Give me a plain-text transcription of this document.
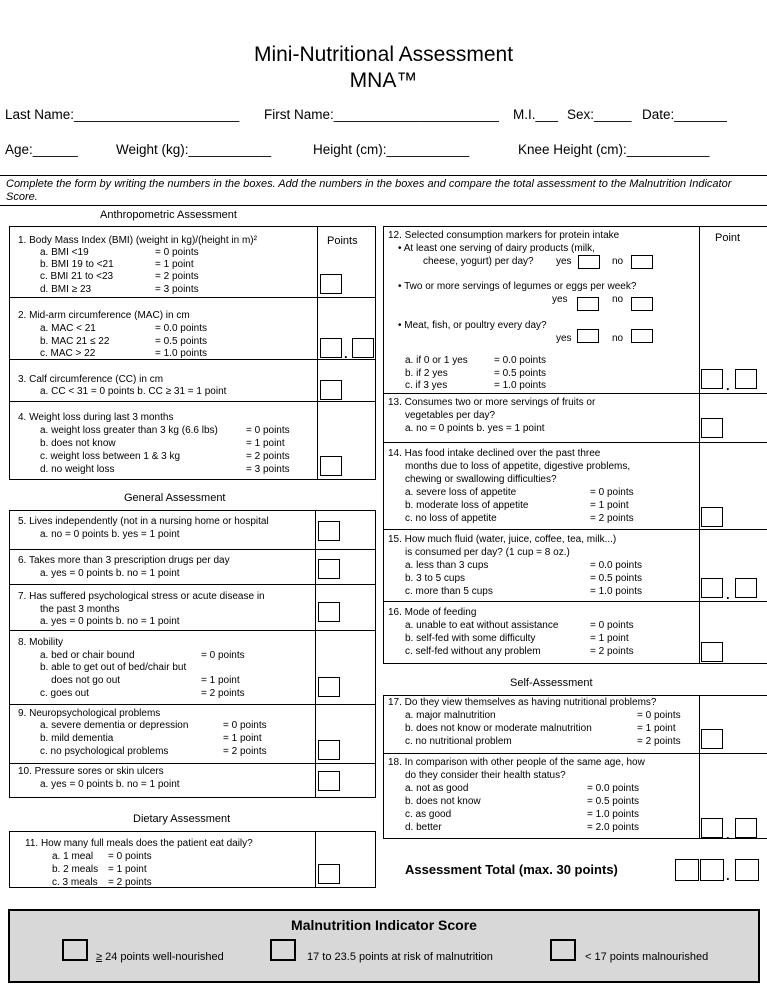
Mini-Nutritional Assessment
MNA™
Last Name:______________________ First Name:______________________ M.I.___ Sex:_____ Date:_______
Age:______	Weight (kg):___________	Height (cm):___________	Knee Height (cm):___________
Complete the form by writing the numbers in the boxes. Add the numbers in the boxes and compare the total assessment to the Malnutrition Indicator Score.
Anthropometric Assessment
Points
1. Body Mass Index (BMI) (weight in kg)/(height in m)²
a. BMI <19	= 0 points
b. BMI 19 to <21	= 1 point
c. BMI 21 to <23	= 2 points
d. BMI ≥ 23	= 3 points
2. Mid-arm circumference (MAC) in cm
a. MAC < 21	= 0.0 points
b. MAC 21 ≤ 22	= 0.5 points
c. MAC > 22	= 1.0 points	.
3. Calf circumference (CC) in cm
a. CC < 31 = 0 points b. CC ≥ 31 = 1 point
4. Weight loss during last 3 months
a. weight loss greater than 3 kg (6.6 lbs)	= 0 points
b. does not know	= 1 point
c. weight loss between 1 & 3 kg	= 2 points
d. no weight loss	= 3 points
General Assessment
5. Lives independently (not in a nursing home or hospital
a. no = 0 points b. yes = 1 point
6. Takes more than 3 prescription drugs per day
a. yes = 0 points b. no = 1 point
7. Has suffered psychological stress or acute disease in
the past 3 months
a. yes = 0 points b. no = 1 point
8. Mobility
a. bed or chair bound	= 0 points
b. able to get out of bed/chair but
does not go out	= 1 point
c. goes out	= 2 points
9. Neuropsychological problems
a. severe dementia or depression	= 0 points
b. mild dementia	= 1 point
c. no psychological problems	= 2 points
10. Pressure sores or skin ulcers
a. yes = 0 points b. no = 1 point
Dietary Assessment
11. How many full meals does the patient eat daily?
a. 1 meal = 0 points
b. 2 meals = 1 point
c. 3 meals = 2 points
Point
12. Selected consumption markers for protein intake
• At least one serving of dairy products (milk,
cheese, yogurt) per day? yes	no
• Two or more servings of legumes or eggs per week?
yes	no
• Meat, fish, or poultry every day?
yes	no
a. if 0 or 1 yes	= 0.0 points
b. if 2 yes	= 0.5 points
c. if 3 yes	= 1.0 points	.
13. Consumes two or more servings of fruits or
vegetables per day?
a. no = 0 points b. yes = 1 point
14. Has food intake declined over the past three
months due to loss of appetite, digestive problems,
chewing or swallowing difficulties?
a. severe loss of appetite	= 0 points
b. moderate loss of appetite	= 1 point
c. no loss of appetite	= 2 points
15. How much fluid (water, juice, coffee, tea, milk...)
is consumed per day? (1 cup = 8 oz.)
a. less than 3 cups	= 0.0 points
b. 3 to 5 cups	= 0.5 points
c. more than 5 cups	= 1.0 points	.
16. Mode of feeding
a. unable to eat without assistance	= 0 points
b. self-fed with some difficulty	= 1 point
c. self-fed without any problem	= 2 points
Self-Assessment
17. Do they view themselves as having nutritional problems?
a. major malnutrition	= 0 points
b. does not know or moderate malnutrition	= 1 point
c. no nutritional problem	= 2 points
18. In comparison with other people of the same age, how
do they consider their health status?
a. not as good	= 0.0 points
b. does not know	= 0.5 points
c. as good	= 1.0 points
d. better	= 2.0 points	.
Assessment Total (max. 30 points)	.
Malnutrition Indicator Score
≥ 24 points well-nourished	17 to 23.5 points at risk of malnutrition	< 17 points malnourished
